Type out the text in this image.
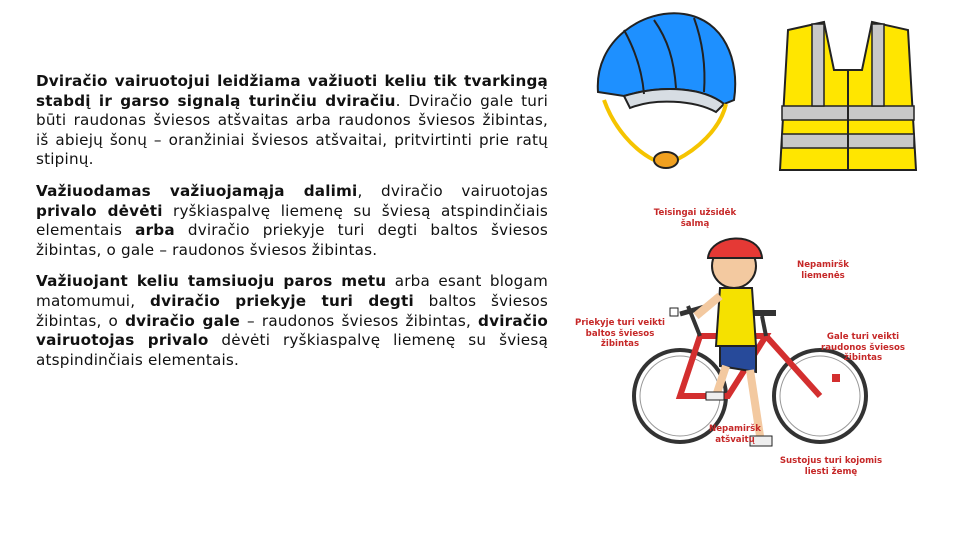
Dviračio vairuotojui leidžiama važiuoti keliu tik tvarkingą stabdį ir garso signalą turinčiu dviračiu. Dviračio gale turi būti raudonas šviesos atšvaitas arba raudonos šviesos žibintas, iš abiejų šonų – oranžiniai šviesos atšvaitai, pritvirtinti prie ratų stipinų.

Važiuodamas važiuojamąja dalimi, dviračio vairuotojas privalo dėvėti ryškiaspalvę liemenę su šviesą atspindinčiais elementais arba dviračio priekyje turi degti baltos šviesos žibintas, o gale – raudonos šviesos žibintas.

Važiuojant keliu tamsiuoju paros metu arba esant blogam matomumui, dviračio priekyje turi degti baltos šviesos žibintas, o dviračio gale – raudonos šviesos žibintas, dviračio vairuotojas privalo dėvėti ryškiaspalvę liemenę su šviesą atspindinčiais elementais.

Teisingai užsidėk šalmą
Nepamiršk liemenės
Priekyje turi veikti baltos šviesos žibintas
Gale turi veikti raudonos šviesos žibintas
Nepamiršk atšvaitų
Sustojus turi kojomis liesti žemę
